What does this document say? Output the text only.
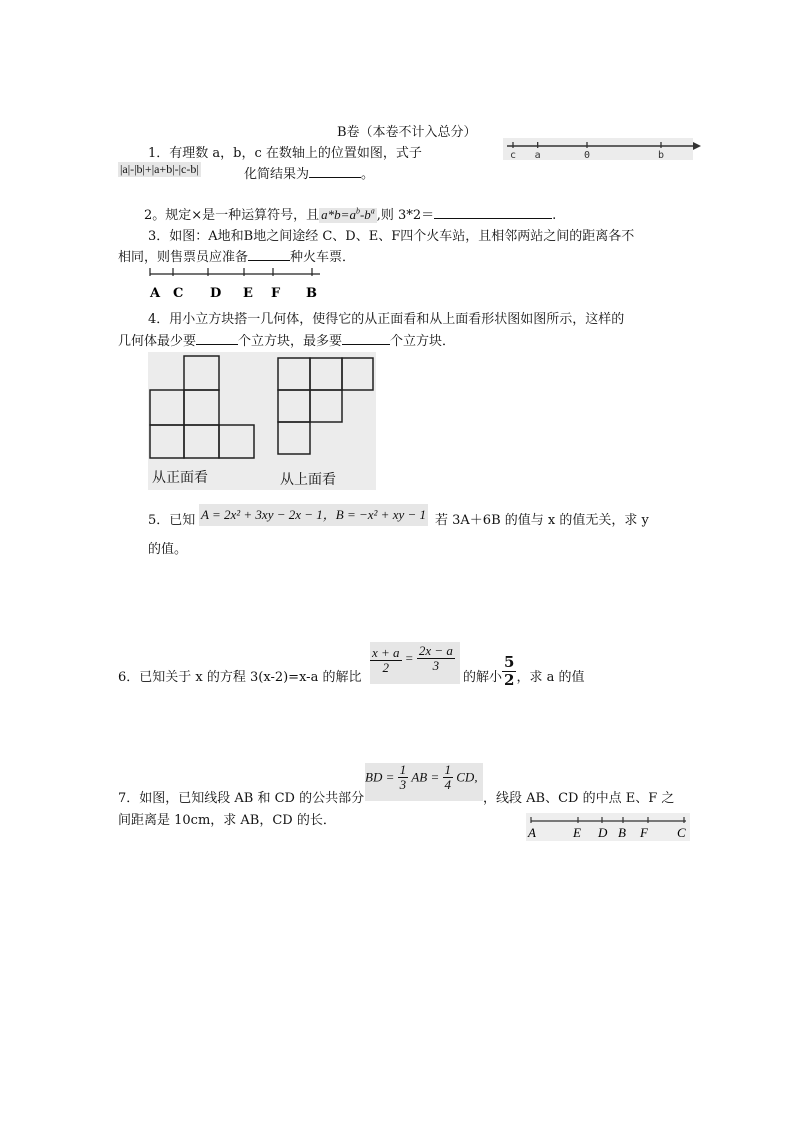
B卷（本卷不计入总分）
1．有理数 a，b，c 在数轴上的位置如图，式子
|a|-|b|+|a+b|-|c-b|	化简结果为	。
c a	0	b
2。规定×是一种运算符号，且 $a*b=a^b-b^a$ ,则 3*2＝	.
3．如图：A地和B地之间途经 C、D、E、F四个火车站，且相邻两站之间的距离各不
相同，则售票员应准备	种火车票．
A C D E F B
4．用小立方块搭一几何体，使得它的从正面看和从上面看形状图如图所示，这样的
几何体最少要	个立方块，最多要	个立方块．
从正面看	从上面看
5．已知 A = 2x² + 3xy − 2x − 1，B = −x² + xy − 1 若 3A＋6B 的值与 x 的值无关，求 y
的值。
6．已知关于 x 的方程 3(x-2)=x-a 的解比
$\frac{x + a}{2} = \frac{2x - a}{3}$
的解小 $\frac{5}{2}$ ，求 a 的值
7．如图，已知线段 AB 和 CD 的公共部分
BD = $\frac{1}{3}$ AB = $\frac{1}{4}$ CD,
，线段 AB、CD 的中点 E、F 之
间距离是 10cm，求 AB，CD 的长．
A	E D B F C
